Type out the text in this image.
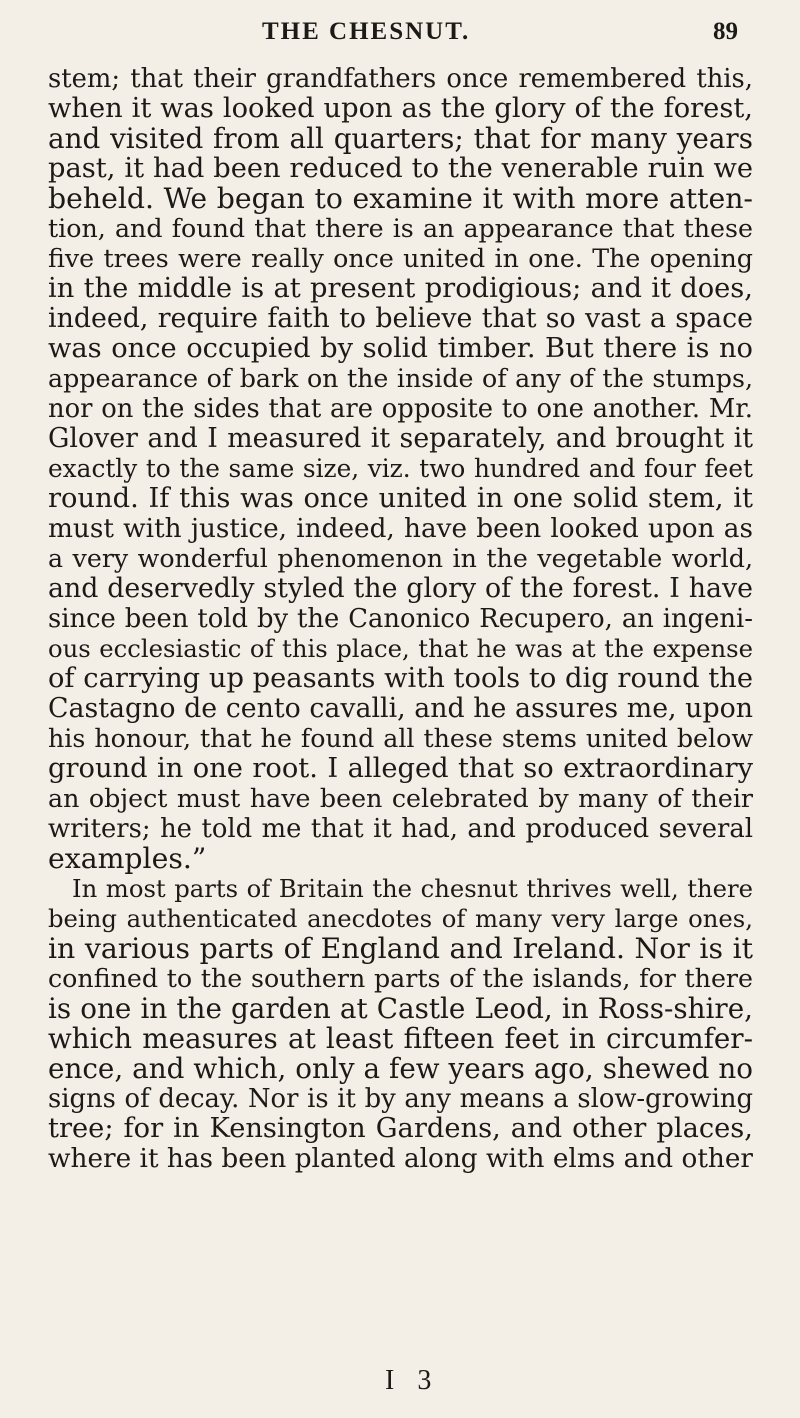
THE CHESNUT.	89
stem; that their grandfathers once remembered this,
when it was looked upon as the glory of the forest,
and visited from all quarters; that for many years
past, it had been reduced to the venerable ruin we
beheld. We began to examine it with more atten-
tion, and found that there is an appearance that these
five trees were really once united in one. The opening
in the middle is at present prodigious; and it does,
indeed, require faith to believe that so vast a space
was once occupied by solid timber. But there is no
appearance of bark on the inside of any of the stumps,
nor on the sides that are opposite to one another. Mr.
Glover and I measured it separately, and brought it
exactly to the same size, viz. two hundred and four feet
round. If this was once united in one solid stem, it
must with justice, indeed, have been looked upon as
a very wonderful phenomenon in the vegetable world,
and deservedly styled the glory of the forest. I have
since been told by the Canonico Recupero, an ingeni-
ous ecclesiastic of this place, that he was at the expense
of carrying up peasants with tools to dig round the
Castagno de cento cavalli, and he assures me, upon
his honour, that he found all these stems united below
ground in one root. I alleged that so extraordinary
an object must have been celebrated by many of their
writers; he told me that it had, and produced several
examples.”
In most parts of Britain the chesnut thrives well, there
being authenticated anecdotes of many very large ones,
in various parts of England and Ireland. Nor is it
confined to the southern parts of the islands, for there
is one in the garden at Castle Leod, in Ross-shire,
which measures at least fifteen feet in circumfer-
ence, and which, only a few years ago, shewed no
signs of decay. Nor is it by any means a slow-growing
tree; for in Kensington Gardens, and other places,
where it has been planted along with elms and other
I 3
